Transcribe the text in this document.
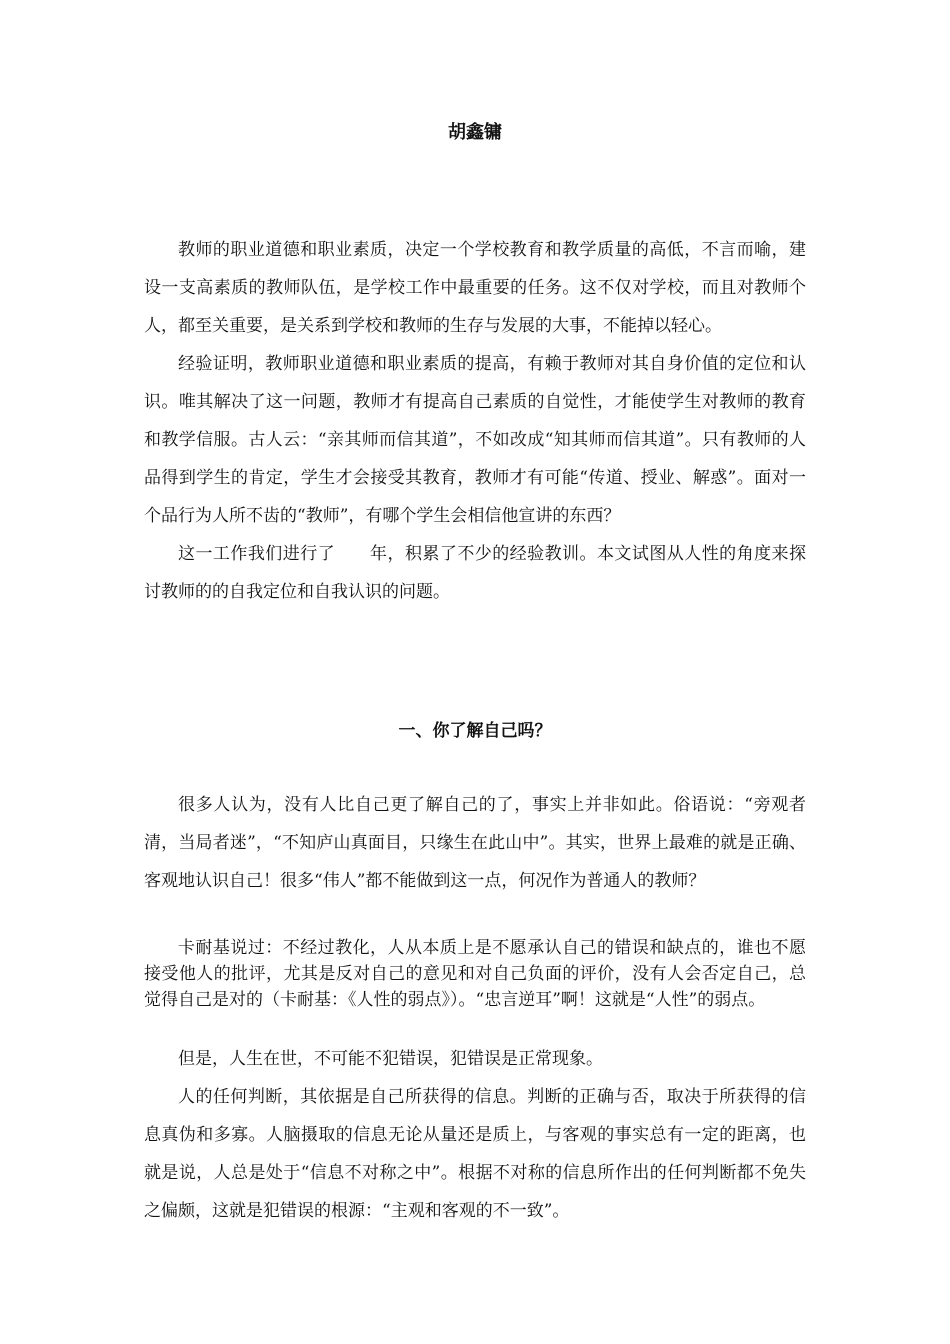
胡鑫镛

教师的职业道德和职业素质，决定一个学校教育和教学质量的高低，不言而喻，建设一支高素质的教师队伍，是学校工作中最重要的任务。这不仅对学校，而且对教师个人，都至关重要，是关系到学校和教师的生存与发展的大事，不能掉以轻心。

经验证明，教师职业道德和职业素质的提高，有赖于教师对其自身价值的定位和认识。唯其解决了这一问题，教师才有提高自己素质的自觉性，才能使学生对教师的教育和教学信服。古人云：“亲其师而信其道”，不如改成“知其师而信其道”。只有教师的人品得到学生的肯定，学生才会接受其教育，教师才有可能“传道、授业、解惑”。面对一个品行为人所不齿的“教师”，有哪个学生会相信他宣讲的东西？

这一工作我们进行了　　年，积累了不少的经验教训。本文试图从人性的角度来探讨教师的的自我定位和自我认识的问题。

一、你了解自己吗？

很多人认为，没有人比自己更了解自己的了，事实上并非如此。俗语说：“旁观者清，当局者迷”，“不知庐山真面目，只缘生在此山中”。其实，世界上最难的就是正确、客观地认识自己！很多“伟人”都不能做到这一点，何况作为普通人的教师？

卡耐基说过：不经过教化，人从本质上是不愿承认自己的错误和缺点的，谁也不愿接受他人的批评，尤其是反对自己的意见和对自己负面的评价，没有人会否定自己，总觉得自己是对的（卡耐基：《人性的弱点》）。“忠言逆耳”啊！这就是“人性”的弱点。

但是，人生在世，不可能不犯错误，犯错误是正常现象。

人的任何判断，其依据是自己所获得的信息。判断的正确与否，取决于所获得的信息真伪和多寡。人脑摄取的信息无论从量还是质上，与客观的事实总有一定的距离，也就是说，人总是处于“信息不对称之中”。根据不对称的信息所作出的任何判断都不免失之偏颇，这就是犯错误的根源：“主观和客观的不一致”。
